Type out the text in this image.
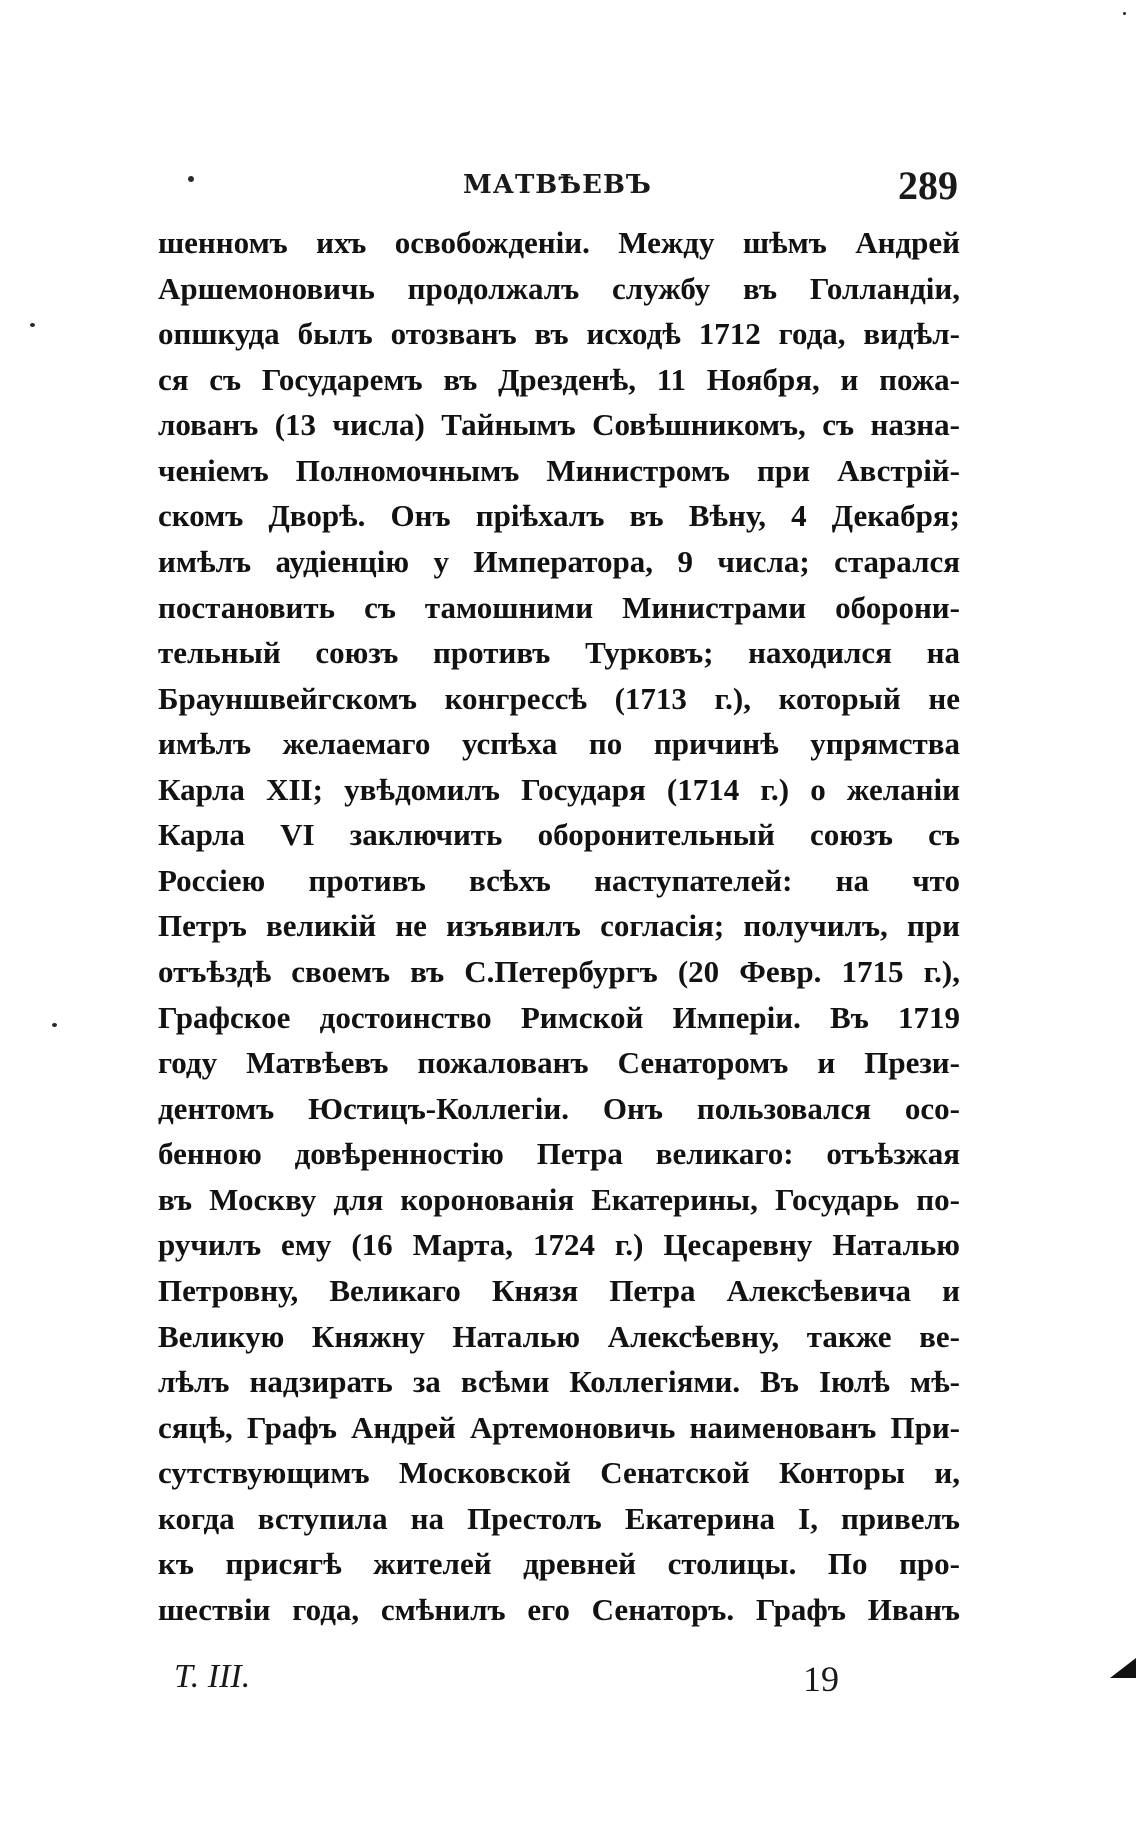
МАТВѢЕВЪ	289
шенномъ ихъ освобожденіи. Между шѣмъ Андрей
Аршемоновичь продолжалъ службу въ Голландіи,
опшкуда былъ отозванъ въ исходѣ 1712 года, видѣл-
ся съ Государемъ въ Дрезденѣ, 11 Ноября, и пожа-
лованъ (13 числа) Тайнымъ Совѣшникомъ, съ назна-
ченіемъ Полномочнымъ Министромъ при Австрій-
скомъ Дворѣ. Онъ пріѣхалъ въ Вѣну, 4 Декабря;
имѣлъ аудіенцію у Императора, 9 числа; старался
постановить съ тамошними Министрами оборони-
тельный союзъ противъ Турковъ; находился на
Брауншвейгскомъ конгрессѣ (1713 г.), который не
имѣлъ желаемаго успѣха по причинѣ упрямства
Карла XII; увѣдомилъ Государя (1714 г.) о желаніи
Карла VI заключить оборонительный союзъ съ
Россіею противъ всѣхъ наступателей: на что
Петръ великій не изъявилъ согласія; получилъ, при
отъѣздѣ своемъ въ С.Петербургъ (20 Февр. 1715 г.),
Графское достоинство Римской Имперіи. Въ 1719
году Матвѣевъ пожалованъ Сенаторомъ и Прези-
дентомъ Юстицъ-Коллегіи. Онъ пользовался осо-
бенною довѣренностію Петра великаго: отъѣзжая
въ Москву для коронованія Екатерины, Государь по-
ручилъ ему (16 Марта, 1724 г.) Цесаревну Наталью
Петровну, Великаго Князя Петра Алексѣевича и
Великую Княжну Наталью Алексѣевну, также ве-
лѣлъ надзирать за всѣми Коллегіями. Въ Іюлѣ мѣ-
сяцѣ, Графъ Андрей Артемоновичь наименованъ При-
сутствующимъ Московской Сенатской Конторы и,
когда вступила на Престолъ Екатерина I, привелъ
къ присягѣ жителей древней столицы. По про-
шествіи года, смѣнилъ его Сенаторъ. Графъ Иванъ
Т. III.	19
